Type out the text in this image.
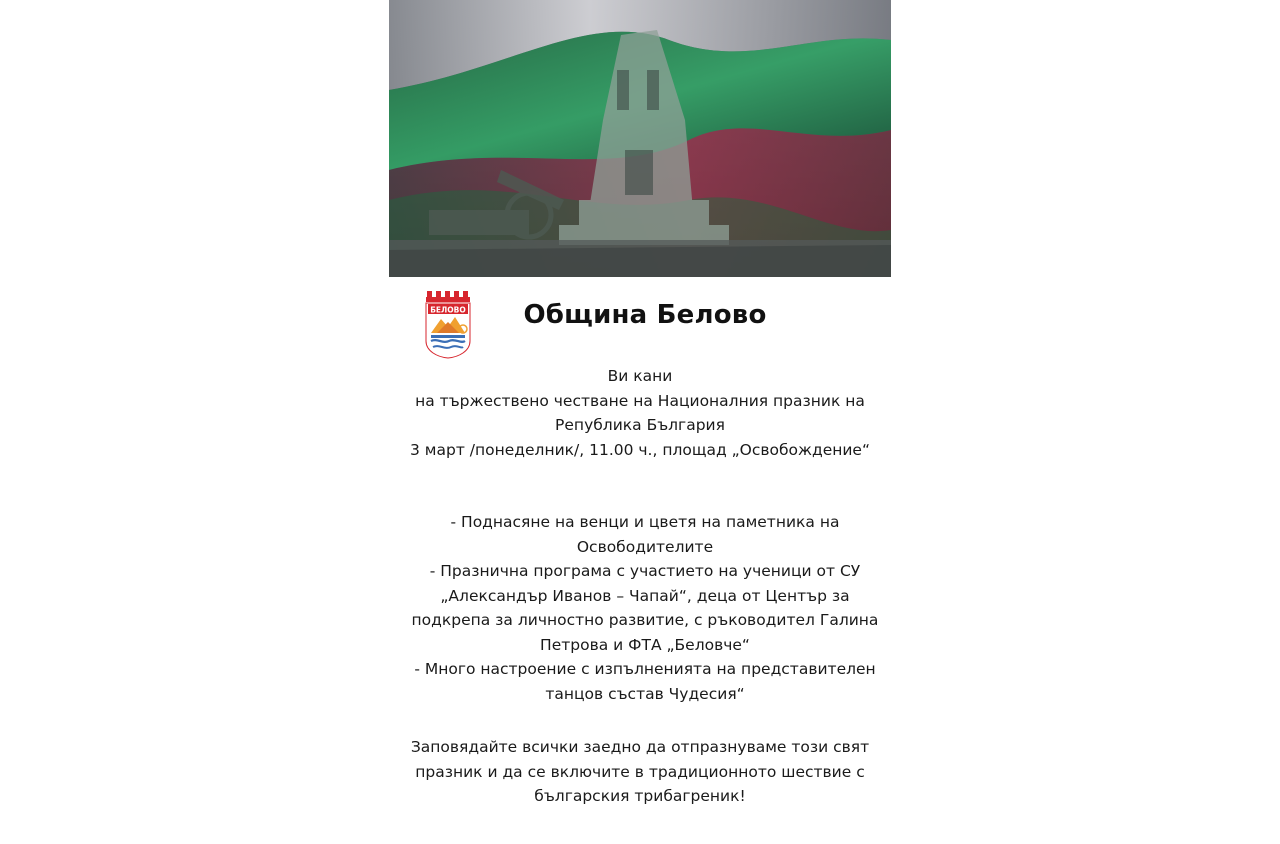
БЕЛОВО	Община Белово

Ви кани

на тържествено честване на Националния празник на

Република България

3 март /понеделник/, 11.00 ч., площад „Освобождение“

- Поднасяне на венци и цветя на паметника на

Освободителите

- Празнична програма с участието на ученици от СУ

„Александър Иванов – Чапай“, деца от Център за

подкрепа за личностно развитие, с ръководител Галина

Петрова и ФТА „Беловче“

- Много настроение с изпълненията на представителен

танцов състав Чудесия“

Заповядайте всички заедно да отпразнуваме този свят

празник и да се включите в традиционното шествие с

българския трибагреник!
